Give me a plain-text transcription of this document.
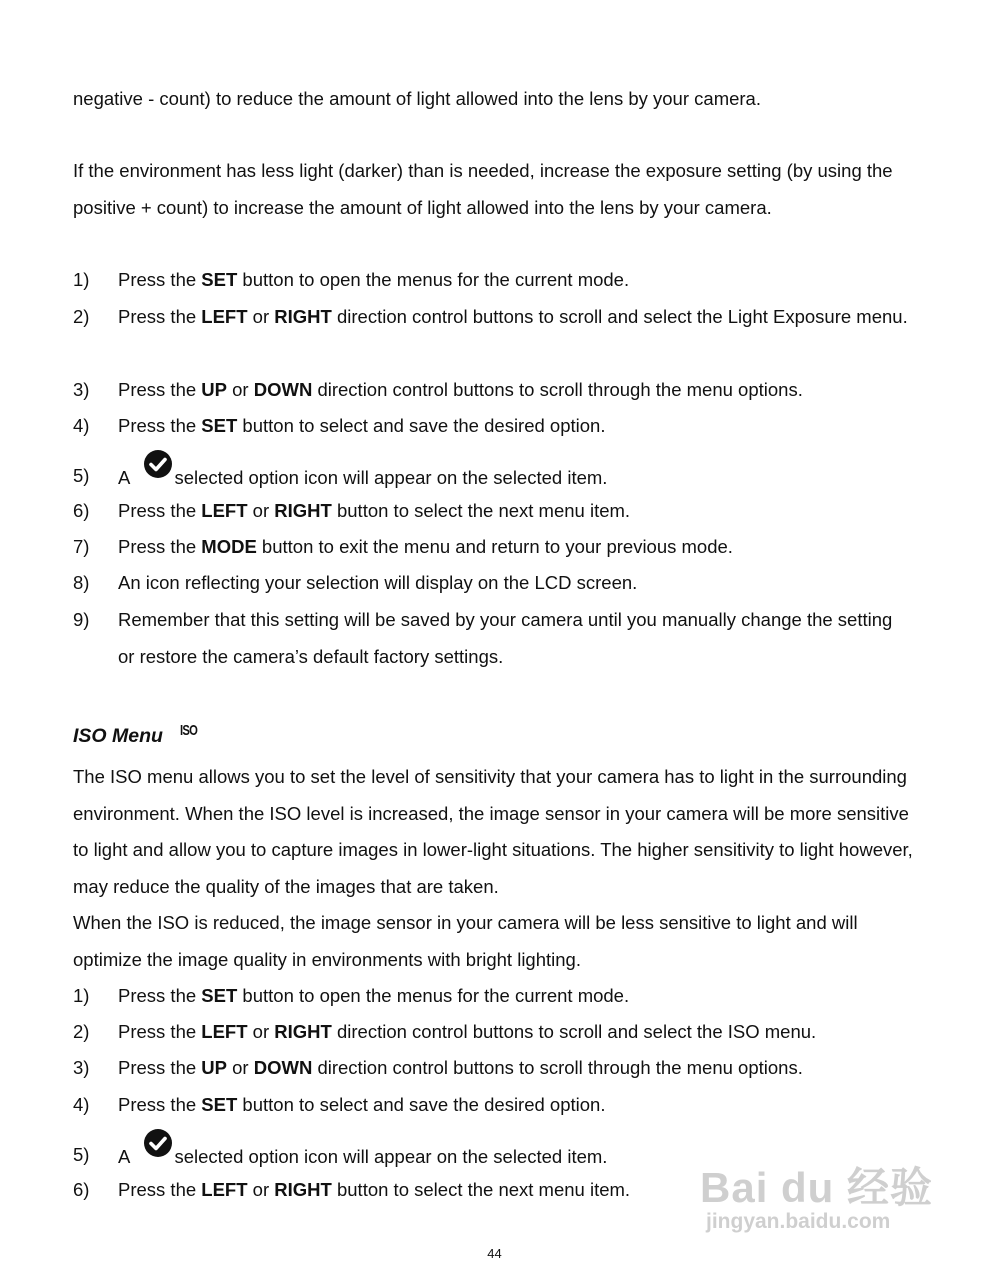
negative - count) to reduce the amount of light allowed into the lens by your camera.

If the environment has less light (darker) than is needed, increase the exposure setting (by using the positive + count) to increase the amount of light allowed into the lens by your camera.

1)	Press the SET button to open the menus for the current mode.
2)	Press the LEFT or RIGHT direction control buttons to scroll and select the Light Exposure menu.
3)	Press the UP or DOWN direction control buttons to scroll through the menu options.
4)	Press the SET button to select and save the desired option.
5)	A
selected option icon will appear on the selected item.
6)	Press the LEFT or RIGHT button to select the next menu item.
7)	Press the MODE button to exit the menu and return to your previous mode.
8)	An icon reflecting your selection will display on the LCD screen.
9)	Remember that this setting will be saved by your camera until you manually change the setting or restore the camera’s default factory settings.
ISO Menu ISO

The ISO menu allows you to set the level of sensitivity that your camera has to light in the surrounding environment. When the ISO level is increased, the image sensor in your camera will be more sensitive to light and allow you to capture images in lower-light situations. The higher sensitivity to light however, may reduce the quality of the images that are taken.

When the ISO is reduced, the image sensor in your camera will be less sensitive to light and will optimize the image quality in environments with bright lighting.

1)	Press the SET button to open the menus for the current mode.
2)	Press the LEFT or RIGHT direction control buttons to scroll and select the ISO menu.
3)	Press the UP or DOWN direction control buttons to scroll through the menu options.
4)	Press the SET button to select and save the desired option.
5)	A
selected option icon will appear on the selected item.
6)	Press the LEFT or RIGHT button to select the next menu item.	Bai du 经验
jingyan.baidu.com
44
